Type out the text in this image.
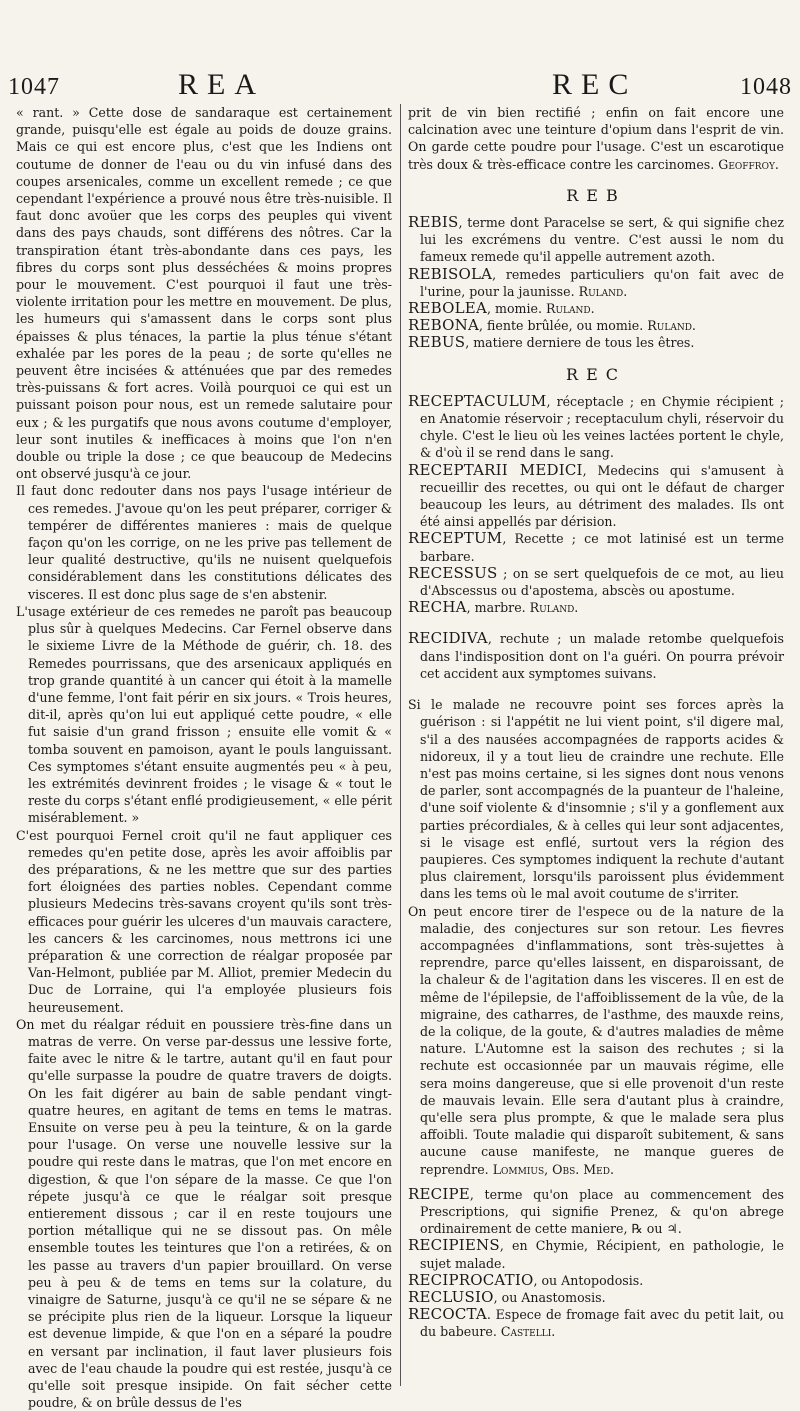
1047	REA	REC	1048

« rant. » Cette dose de sandaraque est certainement grande, puisqu'elle est égale au poids de douze grains. Mais ce qui est encore plus, c'est que les Indiens ont coutume de donner de l'eau ou du vin infusé dans des coupes arsenicales, comme un excellent remede ; ce que cependant l'expérience a prouvé nous être très-nuisible. Il faut donc avoüer que les corps des peuples qui vivent dans des pays chauds, sont différens des nôtres. Car la transpiration étant très-abondante dans ces pays, les fibres du corps sont plus desséchées & moins propres pour le mouvement. C'est pourquoi il faut une très-violente irritation pour les mettre en mouvement. De plus, les humeurs qui s'amassent dans le corps sont plus épaisses & plus ténaces, la partie la plus ténue s'étant exhalée par les pores de la peau ; de sorte qu'elles ne peuvent être incisées & atténuées que par des remedes très-puissans & fort acres. Voilà pourquoi ce qui est un puissant poison pour nous, est un remede salutaire pour eux ; & les purgatifs que nous avons coutume d'employer, leur sont inutiles & inefficaces à moins que l'on n'en double ou triple la dose ; ce que beaucoup de Medecins ont observé jusqu'à ce jour.

Il faut donc redouter dans nos pays l'usage intérieur de ces remedes. J'avoue qu'on les peut préparer, corriger & tempérer de différentes manieres : mais de quelque façon qu'on les corrige, on ne les prive pas tellement de leur qualité destructive, qu'ils ne nuisent quelquefois considérablement dans les constitutions délicates des visceres. Il est donc plus sage de s'en abstenir.

L'usage extérieur de ces remedes ne paroît pas beaucoup plus sûr à quelques Medecins. Car Fernel observe dans le sixieme Livre de la Méthode de guérir, ch. 18. des Remedes pourrissans, que des arsenicaux appliqués en trop grande quantité à un cancer qui étoit à la mamelle d'une femme, l'ont fait périr en six jours. « Trois heures, dit-il, après qu'on lui eut appliqué cette poudre, « elle fut saisie d'un grand frisson ; ensuite elle vomit & « tomba souvent en pamoison, ayant le pouls languissant. Ces symptomes s'étant ensuite augmentés peu « à peu, les extrémités devinrent froides ; le visage & « tout le reste du corps s'étant enflé prodigieusement, « elle périt misérablement. »

C'est pourquoi Fernel croit qu'il ne faut appliquer ces remedes qu'en petite dose, après les avoir affoiblis par des préparations, & ne les mettre que sur des parties fort éloignées des parties nobles. Cependant comme plusieurs Medecins très-savans croyent qu'ils sont très-efficaces pour guérir les ulceres d'un mauvais caractere, les cancers & les carcinomes, nous mettrons ici une préparation & une correction de réalgar proposée par Van-Helmont, publiée par M. Alliot, premier Medecin du Duc de Lorraine, qui l'a employée plusieurs fois heureusement.

On met du réalgar réduit en poussiere très-fine dans un matras de verre. On verse par-dessus une lessive forte, faite avec le nitre & le tartre, autant qu'il en faut pour qu'elle surpasse la poudre de quatre travers de doigts. On les fait digérer au bain de sable pendant vingt-quatre heures, en agitant de tems en tems le matras. Ensuite on verse peu à peu la teinture, & on la garde pour l'usage. On verse une nouvelle lessive sur la poudre qui reste dans le matras, que l'on met encore en digestion, & que l'on sépare de la masse. Ce que l'on répete jusqu'à ce que le réalgar soit presque entierement dissous ; car il en reste toujours une portion métallique qui ne se dissout pas. On mêle ensemble toutes les teintures que l'on a retirées, & on les passe au travers d'un papier brouillard. On verse peu à peu & de tems en tems sur la colature, du vinaigre de Saturne, jusqu'à ce qu'il ne se sépare & ne se précipite plus rien de la liqueur. Lorsque la liqueur est devenue limpide, & que l'on en a séparé la poudre en versant par inclination, il faut laver plusieurs fois avec de l'eau chaude la poudre qui est restée, jusqu'à ce qu'elle soit presque insipide. On fait sécher cette poudre, & on brûle dessus de l'es

prit de vin bien rectifié ; enfin on fait encore une calcination avec une teinture d'opium dans l'esprit de vin. On garde cette poudre pour l'usage. C'est un escarotique très doux & très-efficace contre les carcinomes. Geoffroy.

REB

REBIS, terme dont Paracelse se sert, & qui signifie chez lui les excrémens du ventre. C'est aussi le nom du fameux remede qu'il appelle autrement azoth.

REBISOLA, remedes particuliers qu'on fait avec de l'urine, pour la jaunisse. Ruland.

REBOLEA, momie. Ruland.

REBONA, fiente brûlée, ou momie. Ruland.

REBUS, matiere derniere de tous les êtres.

REC

RECEPTACULUM, réceptacle ; en Chymie récipient ; en Anatomie réservoir ; receptaculum chyli, réservoir du chyle. C'est le lieu où les veines lactées portent le chyle, & d'où il se rend dans le sang.

RECEPTARII MEDICI, Medecins qui s'amusent à recueillir des recettes, ou qui ont le défaut de charger beaucoup les leurs, au détriment des malades. Ils ont été ainsi appellés par dérision.

RECEPTUM, Recette ; ce mot latinisé est un terme barbare.

RECESSUS ; on se sert quelquefois de ce mot, au lieu d'Abscessus ou d'apostema, abscès ou apostume.

RECHA, marbre. Ruland.

RECIDIVA, rechute ; un malade retombe quelquefois dans l'indisposition dont on l'a guéri. On pourra prévoir cet accident aux symptomes suivans.

Si le malade ne recouvre point ses forces après la guérison : si l'appétit ne lui vient point, s'il digere mal, s'il a des nausées accompagnées de rapports acides & nidoreux, il y a tout lieu de craindre une rechute. Elle n'est pas moins certaine, si les signes dont nous venons de parler, sont accompagnés de la puanteur de l'haleine, d'une soif violente & d'insomnie ; s'il y a gonflement aux parties précordiales, & à celles qui leur sont adjacentes, si le visage est enflé, surtout vers la région des paupieres. Ces symptomes indiquent la rechute d'autant plus clairement, lorsqu'ils paroissent plus évidemment dans les tems où le mal avoit coutume de s'irriter.

On peut encore tirer de l'espece ou de la nature de la maladie, des conjectures sur son retour. Les fievres accompagnées d'inflammations, sont très-sujettes à reprendre, parce qu'elles laissent, en disparoissant, de la chaleur & de l'agitation dans les visceres. Il en est de même de l'épilepsie, de l'affoiblissement de la vûe, de la migraine, des catharres, de l'asthme, des mauxde reins, de la colique, de la goute, & d'autres maladies de même nature. L'Automne est la saison des rechutes ; si la rechute est occasionnée par un mauvais régime, elle sera moins dangereuse, que si elle provenoit d'un reste de mauvais levain. Elle sera d'autant plus à craindre, qu'elle sera plus prompte, & que le malade sera plus affoibli. Toute maladie qui disparoît subitement, & sans aucune cause manifeste, ne manque gueres de reprendre. Lommius, Obs. Med.

RECIPE, terme qu'on place au commencement des Prescriptions, qui signifie Prenez, & qu'on abrege ordinairement de cette maniere, ℞ ou ♃.

RECIPIENS, en Chymie, Récipient, en pathologie, le sujet malade.

RECIPROCATIO, ou Antopodosis.

RECLUSIO, ou Anastomosis.

RECOCTA. Espece de fromage fait avec du petit lait, ou du babeure. Castelli.
